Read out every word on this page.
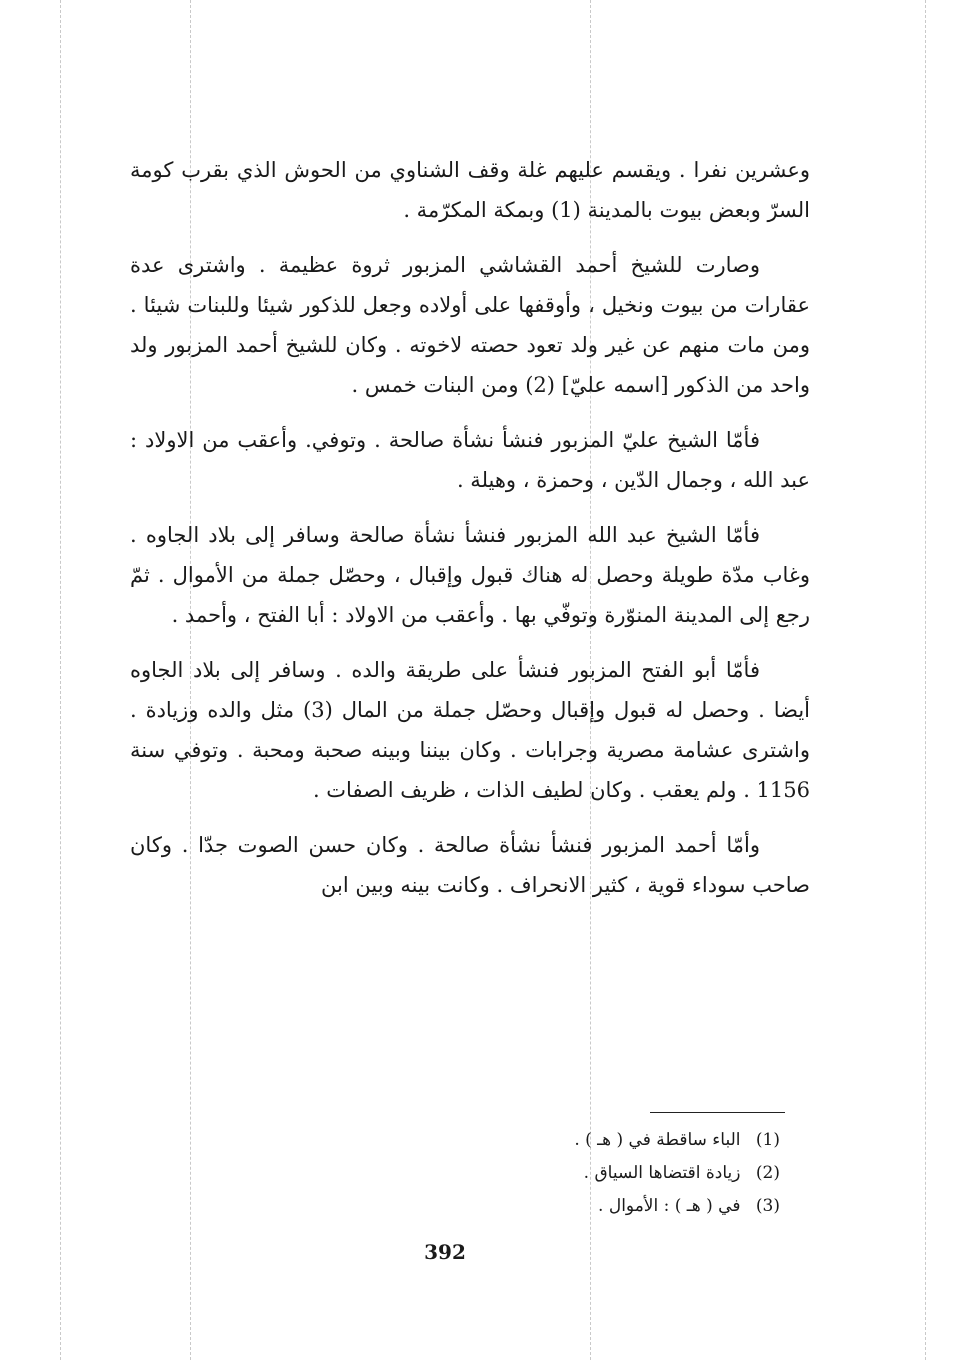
وعشرين نفرا . ويقسم عليهم غلة وقف الشناوي من الحوش الذي بقرب كومة السرّ وبعض بيوت بالمدينة (1) وبمكة المكرّمة .

وصارت للشيخ أحمد القشاشي المزبور ثروة عظيمة . واشترى عدة عقارات من بيوت ونخيل ، وأوقفها على أولاده وجعل للذكور شيئا وللبنات شيئا . ومن مات منهم عن غير ولد تعود حصته لاخوته . وكان للشيخ أحمد المزبور ولد واحد من الذكور [اسمه عليّ] (2) ومن البنات خمس .

فأمّا الشيخ عليّ المزبور فنشأ نشأة صالحة . وتوفي. وأعقب من الاولاد : عبد الله ، وجمال الدّين ، وحمزة ، وهيلة .

فأمّا الشيخ عبد الله المزبور فنشأ نشأة صالحة وسافر إلى بلاد الجاوه . وغاب مدّة طويلة وحصل له هناك قبول وإقبال ، وحصّل جملة من الأموال . ثمّ رجع إلى المدينة المنوّرة وتوفّي بها . وأعقب من الاولاد : أبا الفتح ، وأحمد .

فأمّا أبو الفتح المزبور فنشأ على طريقة والده . وسافر إلى بلاد الجاوه أيضا . وحصل له قبول وإقبال وحصّل جملة من المال (3) مثل والده وزيادة . واشترى عشامة مصرية وجرابات . وكان بيننا وبينه صحبة ومحبة . وتوفي سنة 1156 . ولم يعقب . وكان لطيف الذات ، ظريف الصفات .

وأمّا أحمد المزبور فنشأ نشأة صالحة . وكان حسن الصوت جدّا . وكان صاحب سوداء قوية ، كثير الانحراف . وكانت بينه وبين ابن

(1) الباء ساقطة في ( هـ ) .
(2) زيادة اقتضاها السياق .
(3) في ( هـ ) : الأموال .
392
